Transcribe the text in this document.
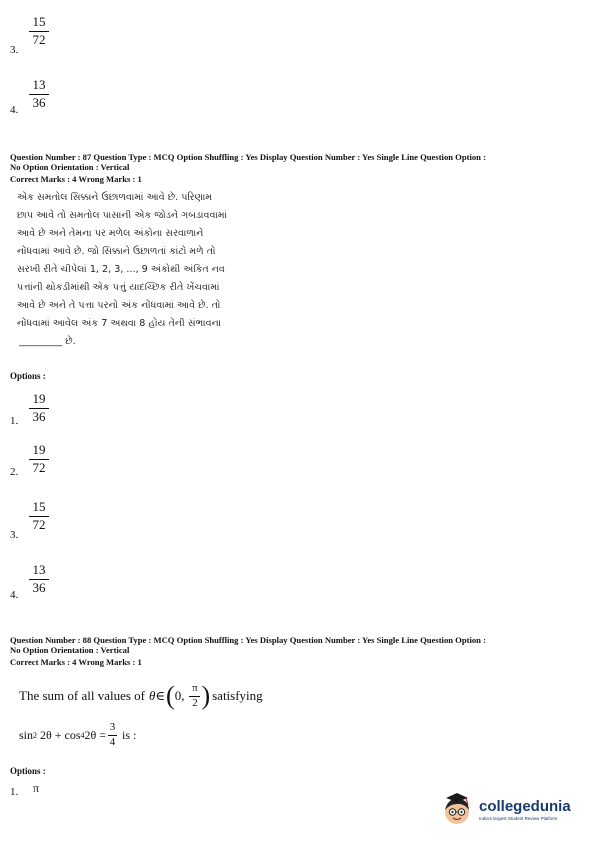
15
72
3.
13
36
4.
Question Number : 87 Question Type : MCQ Option Shuffling : Yes Display Question Number : Yes Single Line Question Option :
No Option Orientation : Vertical
Correct Marks : 4 Wrong Marks : 1
એક સમતોલ સિક્કાને ઉછાળવામાં આવે છે. પરિણામ
છાપ આવે તો સમતોલ પાસાની એક જોડને ગબડાવવામાં
આવે છે અને તેમના પર મળેલ અંકોના સરવાળાને
નોંધવામાં આવે છે. જો સિક્કાને ઉછાળતાં કાંટો મળે તો
સરખી રીતે ચીપેલાં 1, 2, 3, ..., 9 અંકોથી અંકિત નવ
પત્તાંની થોકડીમાંથી એક પત્તું યાદચ્છિક રીતે ખેંચવામાં
આવે છે અને તે પત્તા પરનો અંક નોંધવામાં આવે છે. તો
નોંધવામાં આવેલ અંક 7 અથવા 8 હોય તેની સંભાવના
_________ છે.
Options :
19
36
1.
19
72
2.
15
72
3.
13
36
4.
Question Number : 88 Question Type : MCQ Option Shuffling : Yes Display Question Number : Yes Single Line Question Option :
No Option Orientation : Vertical
Correct Marks : 4 Wrong Marks : 1
The sum of all values of θ ∈ ( 0, π
2 ) satisfying
sin 2 2θ + cos 4 2θ =
3
4
is :
Options :
1. π
collegedunia
India's largest Student Review Platform
